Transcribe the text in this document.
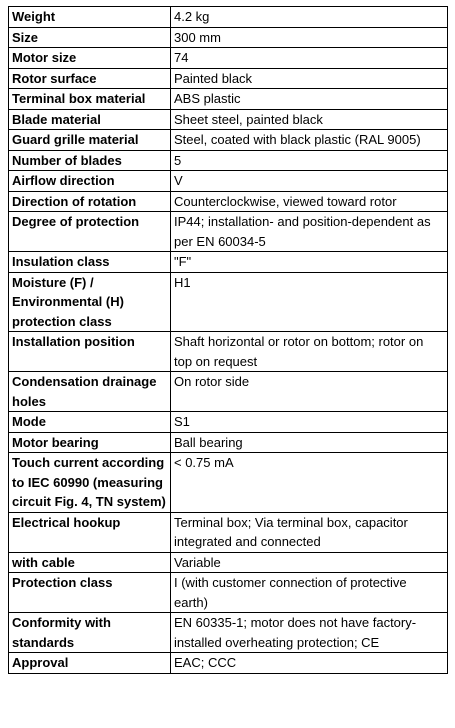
Weight	4.2 kg
Size	300 mm
Motor size	74
Rotor surface	Painted black
Terminal box material	ABS plastic
Blade material	Sheet steel, painted black
Guard grille material	Steel, coated with black plastic (RAL 9005)
Number of blades	5
Airflow direction	V
Direction of rotation	Counterclockwise, viewed toward rotor
Degree of protection	IP44; installation- and position-dependent as per EN 60034-5
Insulation class	"F"
Moisture (F) / Environmental (H) protection class	H1
Installation position	Shaft horizontal or rotor on bottom; rotor on top on request
Condensation drainage holes	On rotor side
Mode	S1
Motor bearing	Ball bearing
Touch current according to IEC 60990 (measuring circuit Fig. 4, TN system)	< 0.75 mA
Electrical hookup	Terminal box; Via terminal box, capacitor integrated and connected
with cable	Variable
Protection class	I (with customer connection of protective earth)
Conformity with standards	EN 60335-1; motor does not have factory-installed overheating protection; CE
Approval	EAC; CCC
